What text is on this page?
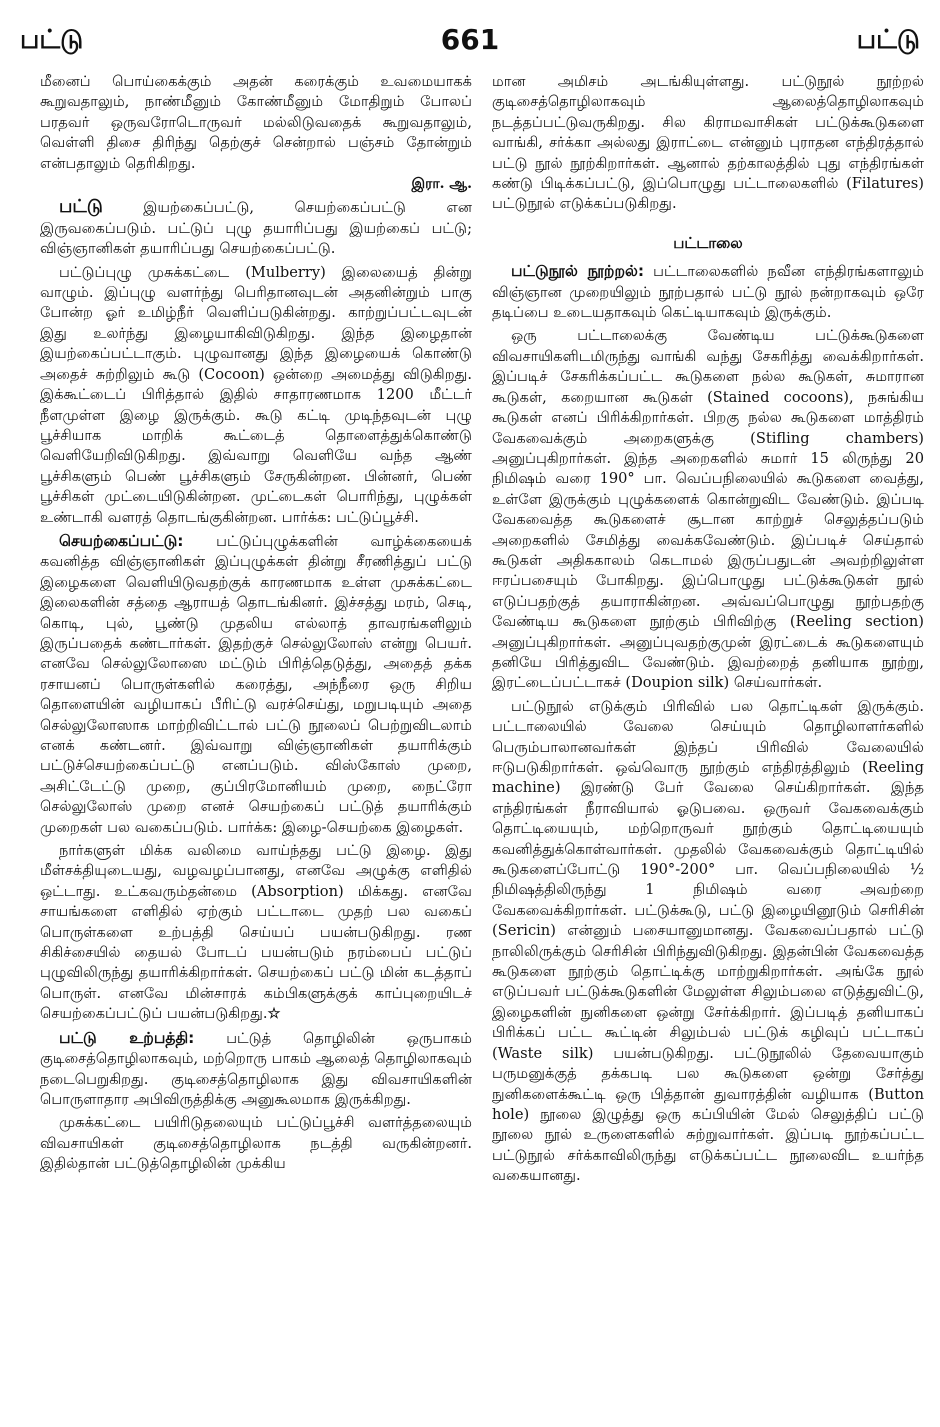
பட்டு	661	பட்டு

மீனைப் பொய்கைக்கும் அதன் கரைக்கும் உவமையாகக் கூறுவதாலும், நாண்மீனும் கோண்மீனும் மோதிறும் போலப் பரதவர் ஒருவரோடொருவர் மல்லிடுவதைக் கூறுவதாலும், வெள்ளி திசை திரிந்து தெற்குச் சென்றால் பஞ்சம் தோன்றும் என்பதாலும் தெரிகிறது.
இரா. ஆ.

பட்டு இயற்கைப்பட்டு, செயற்கைப்பட்டு என இருவகைப்படும். பட்டுப் புழு தயாரிப்பது இயற்கைப் பட்டு; விஞ்ஞானிகள் தயாரிப்பது செயற்கைப்பட்டு.

பட்டுப்புழு முசுக்கட்டை (Mulberry) இலையைத் தின்று வாழும். இப்புழு வளர்ந்து பெரிதானவுடன் அதனின்றும் பாகு போன்ற ஓர் உமிழ்நீர் வெளிப்படுகின்றது. காற்றுப்பட்டவுடன் இது உலர்ந்து இழையாகிவிடுகிறது. இந்த இழைதான் இயற்கைப்பட்டாகும். புழுவானது இந்த இழையைக் கொண்டு அதைச் சுற்றிலும் கூடு (Cocoon) ஒன்றை அமைத்து விடுகிறது. இக்கூட்டைப் பிரித்தால் இதில் சாதாரணமாக 1200 மீட்டர் நீளமுள்ள இழை இருக்கும். கூடு கட்டி முடிந்தவுடன் புழு பூச்சியாக மாறிக் கூட்டைத் தொளைத்துக்கொண்டு வெளியேறிவிடுகிறது. இவ்வாறு வெளியே வந்த ஆண் பூச்சிகளும் பெண் பூச்சிகளும் சேருகின்றன. பின்னர், பெண் பூச்சிகள் முட்டையிடுகின்றன. முட்டைகள் பொரிந்து, புழுக்கள் உண்டாகி வளரத் தொடங்குகின்றன. பார்க்க: பட்டுப்பூச்சி.

செயற்கைப்பட்டு: பட்டுப்புழுக்களின் வாழ்க்கையைக் கவனித்த விஞ்ஞானிகள் இப்புழுக்கள் தின்று சீரணித்துப் பட்டு இழைகளை வெளியிடுவதற்குக் காரணமாக உள்ள முசுக்கட்டை இலைகளின் சத்தை ஆராயத் தொடங்கினர். இச்சத்து மரம், செடி, கொடி, புல், பூண்டு முதலிய எல்லாத் தாவரங்களிலும் இருப்பதைக் கண்டார்கள். இதற்குச் செல்லுலோஸ் என்று பெயர். எனவே செல்லுலோஸை மட்டும் பிரித்தெடுத்து, அதைத் தக்க ரசாயனப் பொருள்களில் கரைத்து, அந்நீரை ஒரு சிறிய தொளையின் வழியாகப் பீரிட்டு வரச்செய்து, மறுபடியும் அதை செல்லுலோஸாக மாற்றிவிட்டால் பட்டு நூலைப் பெற்றுவிடலாம் எனக் கண்டனர். இவ்வாறு விஞ்ஞானிகள் தயாரிக்கும் பட்டுச்செயற்கைப்பட்டு எனப்படும். விஸ்கோஸ் முறை, அசிட்டேட்டு முறை, குப்பிரமோனியம் முறை, நைட்ரோ செல்லுலோஸ் முறை எனச் செயற்கைப் பட்டுத் தயாரிக்கும் முறைகள் பல வகைப்படும். பார்க்க: இழை-செயற்கை இழைகள்.

நார்களுள் மிக்க வலிமை வாய்ந்தது பட்டு இழை. இது மீள்சக்தியுடையது, வழவழப்பானது, எனவே அழுக்கு எளிதில் ஒட்டாது. உட்கவரும்தன்மை (Absorption) மிக்கது. எனவே சாயங்களை எளிதில் ஏற்கும் பட்டாடை முதற் பல வகைப் பொருள்களை உற்பத்தி செய்யப் பயன்படுகிறது. ரண சிகிச்சையில் தையல் போடப் பயன்படும் நரம்பைப் பட்டுப் புழுவிலிருந்து தயாரிக்கிறார்கள். செயற்கைப் பட்டு மின் கடத்தாப் பொருள். எனவே மின்சாரக் கம்பிகளுக்குக் காப்புறையிடச் செயற்கைப்பட்டுப் பயன்படுகிறது.☆

பட்டு உற்பத்தி: பட்டுத் தொழிலின் ஒருபாகம் குடிசைத்தொழிலாகவும், மற்றொரு பாகம் ஆலைத் தொழிலாகவும் நடைபெறுகிறது. குடிசைத்தொழிலாக இது விவசாயிகளின் பொருளாதார அபிவிருத்திக்கு அனுகூலமாக இருக்கிறது.

முசுக்கட்டை பயிரிடுதலையும் பட்டுப்பூச்சி வளர்த்தலையும் விவசாயிகள் குடிசைத்தொழிலாக நடத்தி வருகின்றனர். இதில்தான் பட்டுத்தொழிலின் முக்கிய

மான அமிசம் அடங்கியுள்ளது. பட்டுநூல் நூற்றல் குடிசைத்தொழிலாகவும் ஆலைத்தொழிலாகவும் நடத்தப்பட்டுவருகிறது. சில கிராமவாசிகள் பட்டுக்கூடுகளை வாங்கி, சர்க்கா அல்லது இராட்டை என்னும் புராதன எந்திரத்தால் பட்டு நூல் நூற்கிறார்கள். ஆனால் தற்காலத்தில் புது எந்திரங்கள் கண்டு பிடிக்கப்பட்டு, இப்பொழுது பட்டாலைகளில் (Filatures) பட்டுநூல் எடுக்கப்படுகிறது.

பட்டாலை

பட்டுநூல் நூற்றல்: பட்டாலைகளில் நவீன எந்திரங்களாலும் விஞ்ஞான முறையிலும் நூற்பதால் பட்டு நூல் நன்றாகவும் ஒரே தடிப்பை உடையதாகவும் கெட்டியாகவும் இருக்கும்.

ஒரு பட்டாலைக்கு வேண்டிய பட்டுக்கூடுகளை விவசாயிகளிடமிருந்து வாங்கி வந்து சேகரித்து வைக்கிறார்கள். இப்படிச் சேகரிக்கப்பட்ட கூடுகளை நல்ல கூடுகள், சுமாரான கூடுகள், கறையான கூடுகள் (Stained cocoons), நசுங்கிய கூடுகள் எனப் பிரிக்கிறார்கள். பிறகு நல்ல கூடுகளை மாத்திரம் வேகவைக்கும் அறைகளுக்கு (Stifling chambers) அனுப்புகிறார்கள். இந்த அறைகளில் சுமார் 15 லிருந்து 20 நிமிஷம் வரை 190° பா. வெப்பநிலையில் கூடுகளை வைத்து, உள்ளே இருக்கும் புழுக்களைக் கொன்றுவிட வேண்டும். இப்படி வேகவைத்த கூடுகளைச் சூடான காற்றுச் செலுத்தப்படும் அறைகளில் சேமித்து வைக்கவேண்டும். இப்படிச் செய்தால் கூடுகள் அதிககாலம் கெடாமல் இருப்பதுடன் அவற்றிலுள்ள ஈரப்பசையும் போகிறது. இப்பொழுது பட்டுக்கூடுகள் நூல் எடுப்பதற்குத் தயாராகின்றன. அவ்வப்பொழுது நூற்பதற்கு வேண்டிய கூடுகளை நூற்கும் பிரிவிற்கு (Reeling section) அனுப்புகிறார்கள். அனுப்புவதற்குமுன் இரட்டைக் கூடுகளையும் தனியே பிரித்துவிட வேண்டும். இவற்றைத் தனியாக நூற்று, இரட்டைப்பட்டாகச் (Doupion silk) செய்வார்கள்.

பட்டுநூல் எடுக்கும் பிரிவில் பல தொட்டிகள் இருக்கும். பட்டாலையில் வேலை செய்யும் தொழிலாளர்களில் பெரும்பாலானவர்கள் இந்தப் பிரிவில் வேலையில் ஈடுபடுகிறார்கள். ஒவ்வொரு நூற்கும் எந்திரத்திலும் (Reeling machine) இரண்டு பேர் வேலை செய்கிறார்கள். இந்த எந்திரங்கள் நீராவியால் ஓடுபவை. ஒருவர் வேகவைக்கும் தொட்டியையும், மற்றொருவர் நூற்கும் தொட்டியையும் கவனித்துக்கொள்வார்கள். முதலில் வேகவைக்கும் தொட்டியில் கூடுகளைப்போட்டு 190°-200° பா. வெப்பநிலையில் ½ நிமிஷத்திலிருந்து 1 நிமிஷம் வரை அவற்றை வேகவைக்கிறார்கள். பட்டுக்கூடு, பட்டு இழையினூடும் செரிசின் (Sericin) என்னும் பசையானுமானது. வேகவைப்பதால் பட்டு நாலிலிருக்கும் செரிசின் பிரிந்துவிடுகிறது. இதன்பின் வேகவைத்த கூடுகளை நூற்கும் தொட்டிக்கு மாற்றுகிறார்கள். அங்கே நூல் எடுப்பவர் பட்டுக்கூடுகளின் மேலுள்ள சிலும்பலை எடுத்துவிட்டு, இழைகளின் நுனிகளை ஒன்று சேர்க்கிறார். இப்படித் தனியாகப் பிரிக்கப் பட்ட கூட்டின் சிலும்பல் பட்டுக் கழிவுப் பட்டாகப் (Waste silk) பயன்படுகிறது. பட்டுநூலில் தேவையாகும் பருமனுக்குத் தக்கபடி பல கூடுகளை ஒன்று சேர்த்து நுனிகளைக்கூட்டி ஒரு பித்தான் துவாரத்தின் வழியாக (Button hole) நூலை இழுத்து ஒரு கப்பியின் மேல் செலுத்திப் பட்டு நூலை நூல் உருளைகளில் சுற்றுவார்கள். இப்படி நூற்கப்பட்ட பட்டுநூல் சர்க்காவிலிருந்து எடுக்கப்பட்ட நூலைவிட உயர்ந்த வகையானது.
